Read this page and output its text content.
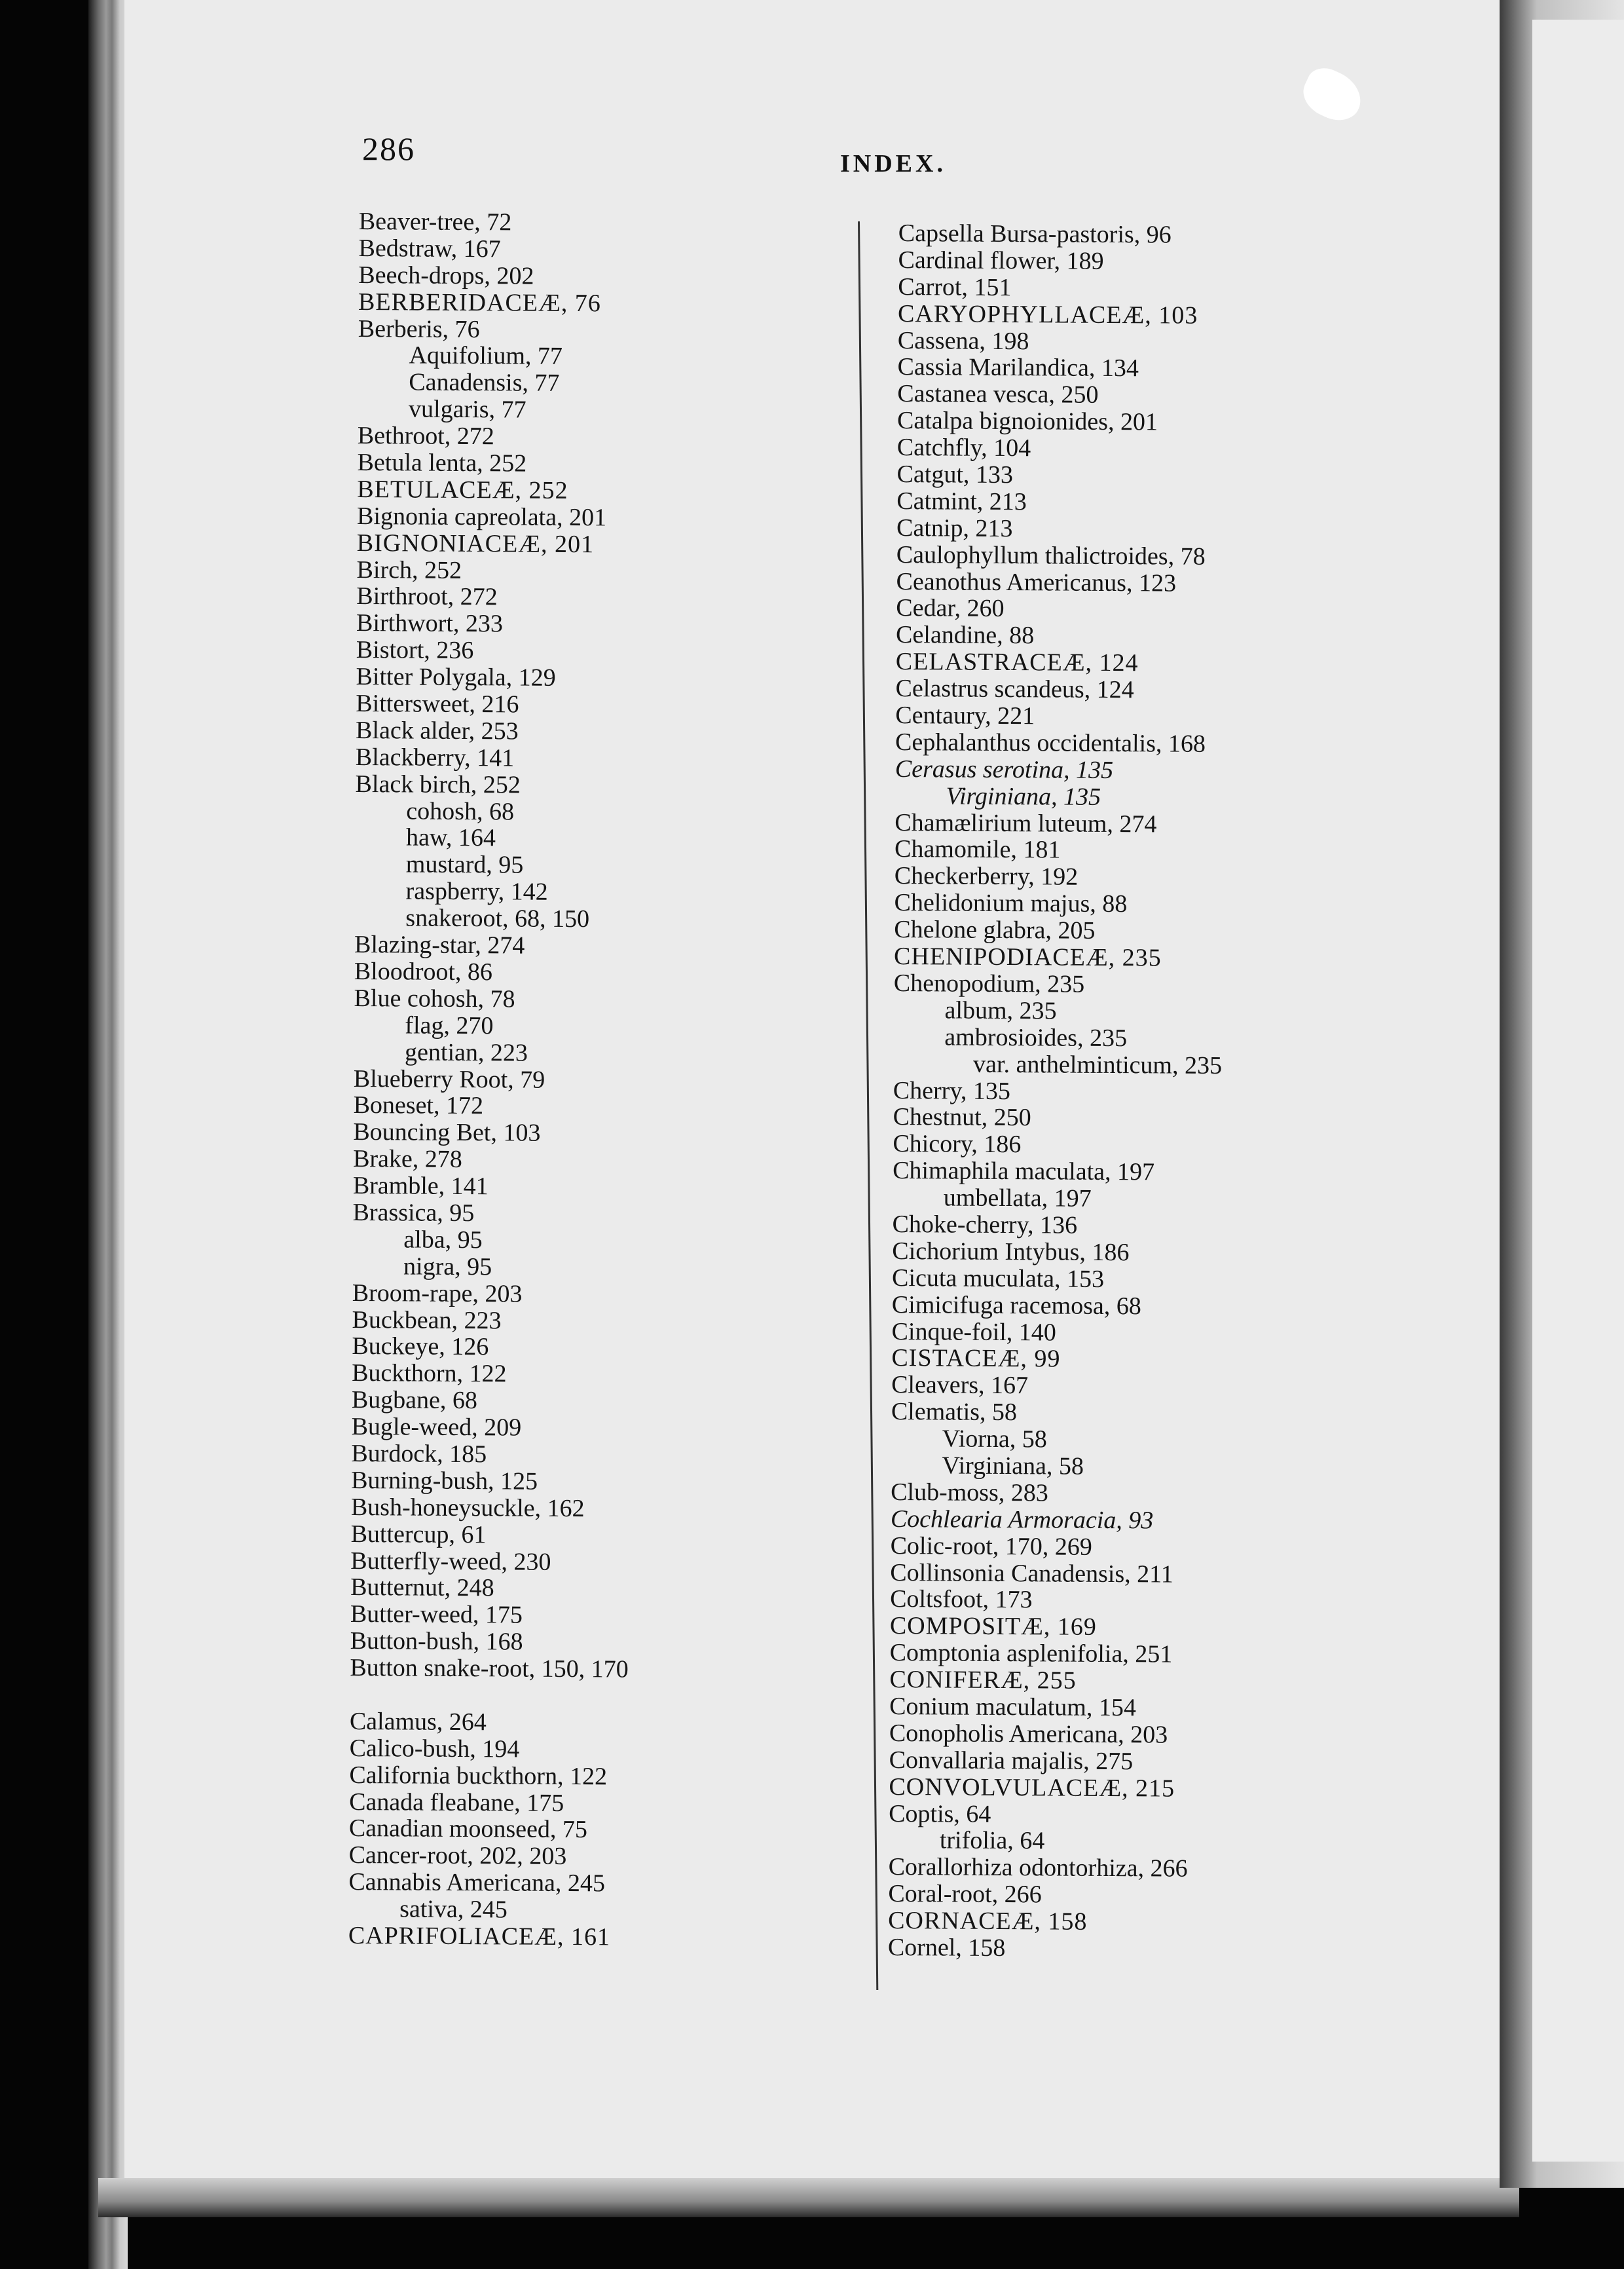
286	INDEX.
Beaver-tree, 72
Bedstraw, 167
Beech-drops, 202
BERBERIDACEÆ, 76
Berberis, 76
Aquifolium, 77
Canadensis, 77
vulgaris, 77
Bethroot, 272
Betula lenta, 252
BETULACEÆ, 252
Bignonia capreolata, 201
BIGNONIACEÆ, 201
Birch, 252
Birthroot, 272
Birthwort, 233
Bistort, 236
Bitter Polygala, 129
Bittersweet, 216
Black alder, 253
Blackberry, 141
Black birch, 252
cohosh, 68
haw, 164
mustard, 95
raspberry, 142
snakeroot, 68, 150
Blazing-star, 274
Bloodroot, 86
Blue cohosh, 78
flag, 270
gentian, 223
Blueberry Root, 79
Boneset, 172
Bouncing Bet, 103
Brake, 278
Bramble, 141
Brassica, 95
alba, 95
nigra, 95
Broom-rape, 203
Buckbean, 223
Buckeye, 126
Buckthorn, 122
Bugbane, 68
Bugle-weed, 209
Burdock, 185
Burning-bush, 125
Bush-honeysuckle, 162
Buttercup, 61
Butterfly-weed, 230
Butternut, 248
Butter-weed, 175
Button-bush, 168
Button snake-root, 150, 170
Calamus, 264
Calico-bush, 194
California buckthorn, 122
Canada fleabane, 175
Canadian moonseed, 75
Cancer-root, 202, 203
Cannabis Americana, 245
sativa, 245
CAPRIFOLIACEÆ, 161
Capsella Bursa-pastoris, 96
Cardinal flower, 189
Carrot, 151
CARYOPHYLLACEÆ, 103
Cassena, 198
Cassia Marilandica, 134
Castanea vesca, 250
Catalpa bignoionides, 201
Catchfly, 104
Catgut, 133
Catmint, 213
Catnip, 213
Caulophyllum thalictroides, 78
Ceanothus Americanus, 123
Cedar, 260
Celandine, 88
CELASTRACEÆ, 124
Celastrus scandeus, 124
Centaury, 221
Cephalanthus occidentalis, 168
Cerasus serotina, 135
Virginiana, 135
Chamælirium luteum, 274
Chamomile, 181
Checkerberry, 192
Chelidonium majus, 88
Chelone glabra, 205
CHENIPODIACEÆ, 235
Chenopodium, 235
album, 235
ambrosioides, 235
var. anthelminticum, 235
Cherry, 135
Chestnut, 250
Chicory, 186
Chimaphila maculata, 197
umbellata, 197
Choke-cherry, 136
Cichorium Intybus, 186
Cicuta muculata, 153
Cimicifuga racemosa, 68
Cinque-foil, 140
CISTACEÆ, 99
Cleavers, 167
Clematis, 58
Viorna, 58
Virginiana, 58
Club-moss, 283
Cochlearia Armoracia, 93
Colic-root, 170, 269
Collinsonia Canadensis, 211
Coltsfoot, 173
COMPOSITÆ, 169
Comptonia asplenifolia, 251
CONIFERÆ, 255
Conium maculatum, 154
Conopholis Americana, 203
Convallaria majalis, 275
CONVOLVULACEÆ, 215
Coptis, 64
trifolia, 64
Corallorhiza odontorhiza, 266
Coral-root, 266
CORNACEÆ, 158
Cornel, 158
